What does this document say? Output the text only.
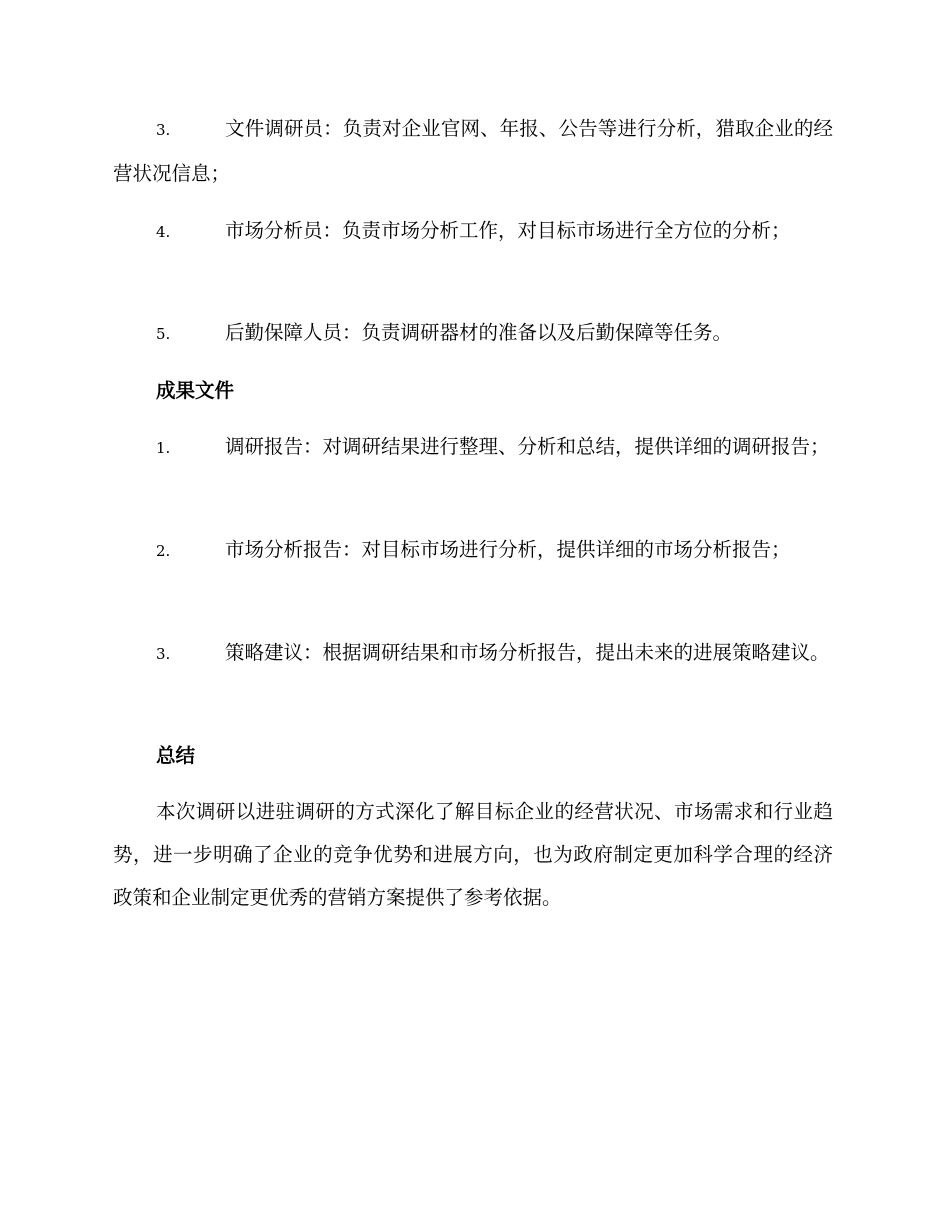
3.	文件调研员：负责对企业官网、年报、公告等进行分析，猎取企业的经营状况信息；

4.	市场分析员：负责市场分析工作，对目标市场进行全方位的分析；

5.	后勤保障人员：负责调研器材的准备以及后勤保障等任务。

成果文件

1.	调研报告：对调研结果进行整理、分析和总结，提供详细的调研报告；

2.	市场分析报告：对目标市场进行分析，提供详细的市场分析报告；

3.	策略建议：根据调研结果和市场分析报告，提出未来的进展策略建议。

总结

本次调研以进驻调研的方式深化了解目标企业的经营状况、市场需求和行业趋势，进一步明确了企业的竞争优势和进展方向，也为政府制定更加科学合理的经济政策和企业制定更优秀的营销方案提供了参考依据。
